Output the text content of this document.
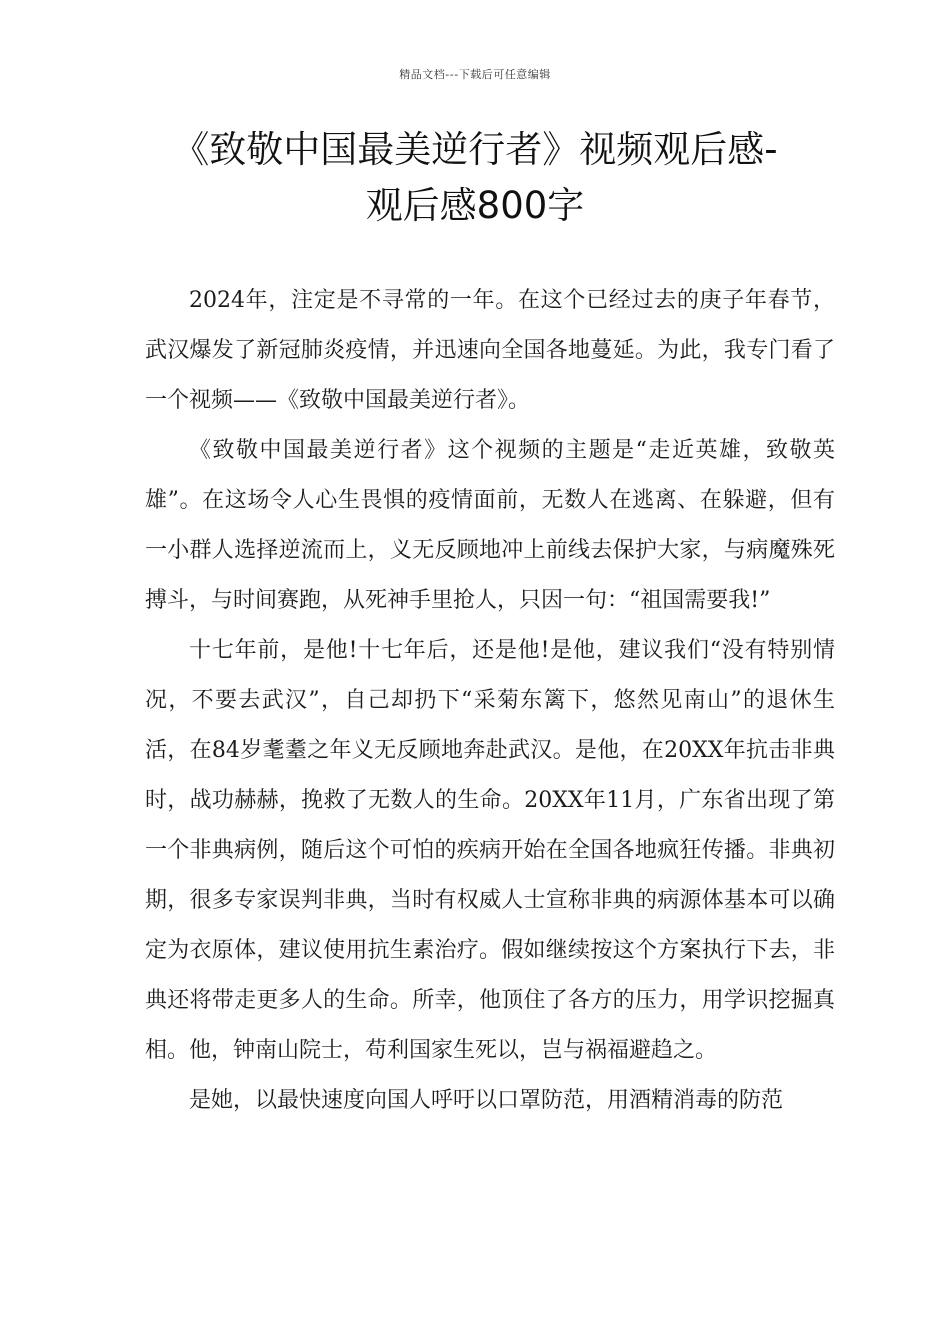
精品文档---下载后可任意编辑
《致敬中国最美逆行者》视频观后感-
观后感800字

2024年，注定是不寻常的一年。在这个已经过去的庚子年春节，武汉爆发了新冠肺炎疫情，并迅速向全国各地蔓延。为此，我专门看了一个视频——《致敬中国最美逆行者》。

《致敬中国最美逆行者》这个视频的主题是“走近英雄，致敬英雄”。在这场令人心生畏惧的疫情面前，无数人在逃离、在躲避，但有一小群人选择逆流而上，义无反顾地冲上前线去保护大家，与病魔殊死搏斗，与时间赛跑，从死神手里抢人，只因一句：“祖国需要我!”

十七年前，是他!十七年后，还是他!是他，建议我们“没有特别情况，不要去武汉”，自己却扔下“采菊东篱下，悠然见南山”的退休生活，在84岁耄耋之年义无反顾地奔赴武汉。是他，在20XX年抗击非典时，战功赫赫，挽救了无数人的生命。20XX年11月，广东省出现了第一个非典病例，随后这个可怕的疾病开始在全国各地疯狂传播。非典初期，很多专家误判非典，当时有权威人士宣称非典的病源体基本可以确定为衣原体，建议使用抗生素治疗。假如继续按这个方案执行下去，非典还将带走更多人的生命。所幸，他顶住了各方的压力，用学识挖掘真相。他，钟南山院士，苟利国家生死以，岂与祸福避趋之。

是她，以最快速度向国人呼吁以口罩防范，用酒精消毒的防范
